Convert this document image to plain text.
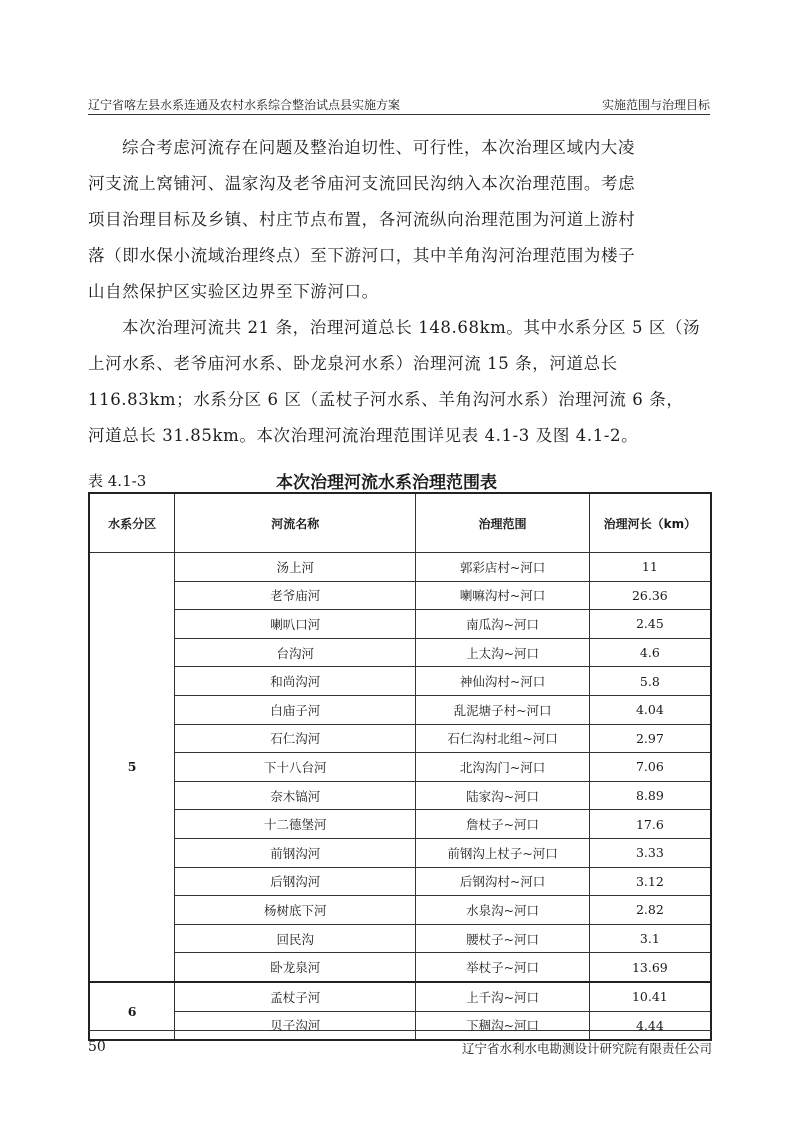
辽宁省喀左县水系连通及农村水系综合整治试点县实施方案	实施范围与治理目标
综合考虑河流存在问题及整治迫切性、可行性，本次治理区域内大凌
河支流上窝铺河、温家沟及老爷庙河支流回民沟纳入本次治理范围。考虑
项目治理目标及乡镇、村庄节点布置，各河流纵向治理范围为河道上游村
落（即水保小流域治理终点）至下游河口，其中羊角沟河治理范围为楼子
山自然保护区实验区边界至下游河口。
本次治理河流共 21 条，治理河道总长 148.68km。其中水系分区 5 区（汤
上河水系、老爷庙河水系、卧龙泉河水系）治理河流 15 条，河道总长
116.83km；水系分区 6 区（孟杖子河水系、羊角沟河水系）治理河流 6 条，
河道总长 31.85km。本次治理河流治理范围详见表 4.1-3 及图 4.1-2。
表 4.1-3	本次治理河流水系治理范围表
水系分区	河流名称	治理范围	治理河长（km）
5	汤上河	郭彩店村~河口	11
	老爷庙河	喇嘛沟村~河口	26.36
	喇叭口河	南瓜沟~河口	2.45
	台沟河	上太沟~河口	4.6
	和尚沟河	神仙沟村~河口	5.8
	白庙子河	乱泥塘子村~河口	4.04
	石仁沟河	石仁沟村北组~河口	2.97
	下十八台河	北沟沟门~河口	7.06
	奈木镐河	陆家沟~河口	8.89
	十二德堡河	詹杖子~河口	17.6
	前钢沟河	前钢沟上杖子~河口	3.33
	后钢沟河	后钢沟村~河口	3.12
	杨树底下河	水泉沟~河口	2.82
	回民沟	腰杖子~河口	3.1
	卧龙泉河	举杖子~河口	13.69
6	孟杖子河	上千沟~河口	10.41
	贝子沟河	下稠沟~河口	4.44
50	辽宁省水利水电勘测设计研究院有限责任公司
